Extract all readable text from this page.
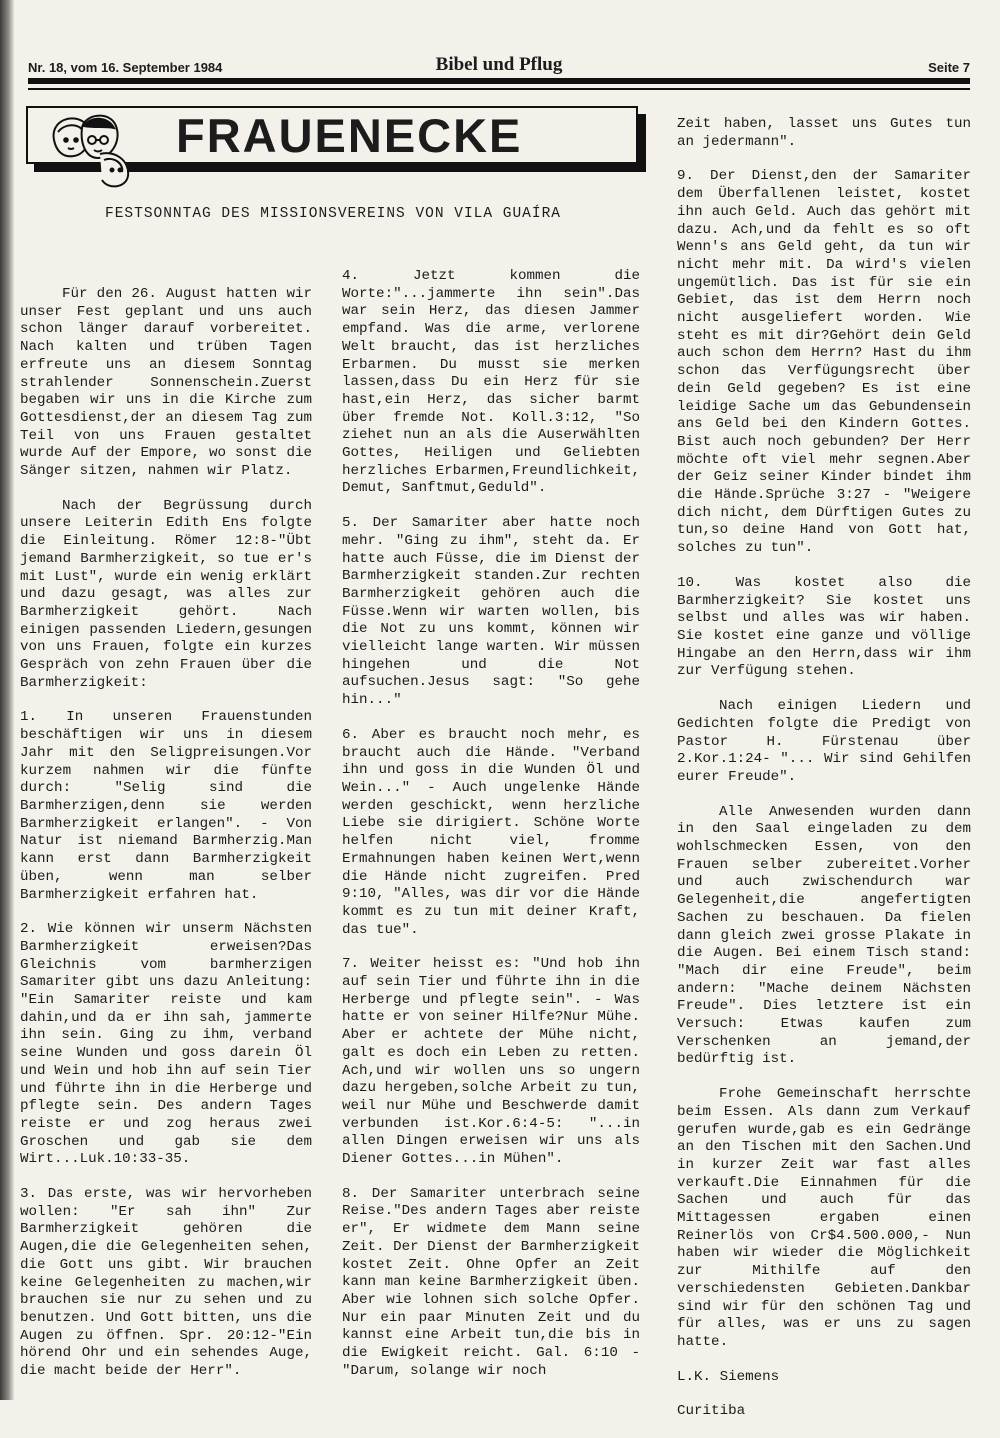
Nr. 18, vom 16. September 1984	Bibel und Pflug	Seite 7
FRAUENECKE
FESTSONNTAG DES MISSIONSVEREINS VON VILA GUAÍRA

Für den 26. August hatten wir unser Fest geplant und uns auch schon länger darauf vorbereitet. Nach kalten und trüben Tagen erfreute uns an diesem Sonntag strahlender Sonnenschein.Zuerst begaben wir uns in die Kirche zum Gottesdienst,der an diesem Tag zum Teil von uns Frauen gestaltet wurde Auf der Empore, wo sonst die Sänger sitzen, nahmen wir Platz.

Nach der Begrüssung durch unsere Leiterin Edith Ens folgte die Einleitung. Römer 12:8-"Übt jemand Barmherzigkeit, so tue er's mit Lust", wurde ein wenig erklärt und dazu gesagt, was alles zur Barmherzigkeit gehört. Nach einigen passenden Liedern,gesungen von uns Frauen, folgte ein kurzes Gespräch von zehn Frauen über die Barmherzigkeit:

1. In unseren Frauenstunden beschäftigen wir uns in diesem Jahr mit den Seligpreisungen.Vor kurzem nahmen wir die fünfte durch: "Selig sind die Barmherzigen,denn sie werden Barmherzigkeit erlangen". - Von Natur ist niemand Barmherzig.Man kann erst dann Barmherzigkeit üben, wenn man selber Barmherzigkeit erfahren hat.

2. Wie können wir unserm Nächsten Barmherzigkeit erweisen?Das Gleichnis vom barmherzigen Samariter gibt uns dazu Anleitung: "Ein Samariter reiste und kam dahin,und da er ihn sah, jammerte ihn sein. Ging zu ihm, verband seine Wunden und goss darein Öl und Wein und hob ihn auf sein Tier und führte ihn in die Herberge und pflegte sein. Des andern Tages reiste er und zog heraus zwei Groschen und gab sie dem Wirt...Luk.10:33-35.

3. Das erste, was wir hervorheben wollen: "Er sah ihn" Zur Barmherzigkeit gehören die Augen,die die Gelegenheiten sehen, die Gott uns gibt. Wir brauchen keine Gelegenheiten zu machen,wir brauchen sie nur zu sehen und zu benutzen. Und Gott bitten, uns die Augen zu öffnen. Spr. 20:12-"Ein hörend Ohr und ein sehendes Auge, die macht beide der Herr".

4. Jetzt kommen die Worte:"...jammerte ihn sein".Das war sein Herz, das diesen Jammer empfand. Was die arme, verlorene Welt braucht, das ist herzliches Erbarmen. Du musst sie merken lassen,dass Du ein Herz für sie hast,ein Herz, das sicher barmt über fremde Not. Koll.3:12, "So ziehet nun an als die Auserwählten Gottes, Heiligen und Geliebten herzliches Erbarmen,Freundlichkeit, Demut, Sanftmut,Geduld".

5. Der Samariter aber hatte noch mehr. "Ging zu ihm", steht da. Er hatte auch Füsse, die im Dienst der Barmherzigkeit standen.Zur rechten Barmherzigkeit gehören auch die Füsse.Wenn wir warten wollen, bis die Not zu uns kommt, können wir vielleicht lange warten. Wir müssen hingehen und die Not aufsuchen.Jesus sagt: "So gehe hin..."

6. Aber es braucht noch mehr, es braucht auch die Hände. "Verband ihn und goss in die Wunden Öl und Wein..." - Auch ungelenke Hände werden geschickt, wenn herzliche Liebe sie dirigiert. Schöne Worte helfen nicht viel, fromme Ermahnungen haben keinen Wert,wenn die Hände nicht zugreifen. Pred 9:10, "Alles, was dir vor die Hände kommt es zu tun mit deiner Kraft, das tue".

7. Weiter heisst es: "Und hob ihn auf sein Tier und führte ihn in die Herberge und pflegte sein". - Was hatte er von seiner Hilfe?Nur Mühe. Aber er achtete der Mühe nicht, galt es doch ein Leben zu retten. Ach,und wir wollen uns so ungern dazu hergeben,solche Arbeit zu tun, weil nur Mühe und Beschwerde damit verbunden ist.Kor.6:4-5: "...in allen Dingen erweisen wir uns als Diener Gottes...in Mühen".

8. Der Samariter unterbrach seine Reise."Des andern Tages aber reiste er", Er widmete dem Mann seine Zeit. Der Dienst der Barmherzigkeit kostet Zeit. Ohne Opfer an Zeit kann man keine Barmherzigkeit üben. Aber wie lohnen sich solche Opfer. Nur ein paar Minuten Zeit und du kannst eine Arbeit tun,die bis in die Ewigkeit reicht. Gal. 6:10 - "Darum, solange wir noch

Zeit haben, lasset uns Gutes tun an jedermann".

9. Der Dienst,den der Samariter dem Überfallenen leistet, kostet ihn auch Geld. Auch das gehört mit dazu. Ach,und da fehlt es so oft Wenn's ans Geld geht, da tun wir nicht mehr mit. Da wird's vielen ungemütlich. Das ist für sie ein Gebiet, das ist dem Herrn noch nicht ausgeliefert worden. Wie steht es mit dir?Gehört dein Geld auch schon dem Herrn? Hast du ihm schon das Verfügungsrecht über dein Geld gegeben? Es ist eine leidige Sache um das Gebundensein ans Geld bei den Kindern Gottes. Bist auch noch gebunden? Der Herr möchte oft viel mehr segnen.Aber der Geiz seiner Kinder bindet ihm die Hände.Sprüche 3:27 - "Weigere dich nicht, dem Dürftigen Gutes zu tun,so deine Hand von Gott hat, solches zu tun".

10. Was kostet also die Barmherzigkeit? Sie kostet uns selbst und alles was wir haben. Sie kostet eine ganze und völlige Hingabe an den Herrn,dass wir ihm zur Verfügung stehen.

Nach einigen Liedern und Gedichten folgte die Predigt von Pastor H. Fürstenau über 2.Kor.1:24- "... Wir sind Gehilfen eurer Freude".

Alle Anwesenden wurden dann in den Saal eingeladen zu dem wohlschmecken Essen, von den Frauen selber zubereitet.Vorher und auch zwischendurch war Gelegenheit,die angefertigten Sachen zu beschauen. Da fielen dann gleich zwei grosse Plakate in die Augen. Bei einem Tisch stand: "Mach dir eine Freude", beim andern: "Mache deinem Nächsten Freude". Dies letztere ist ein Versuch: Etwas kaufen zum Verschenken an jemand,der bedürftig ist.

Frohe Gemeinschaft herrschte beim Essen. Als dann zum Verkauf gerufen wurde,gab es ein Gedränge an den Tischen mit den Sachen.Und in kurzer Zeit war fast alles verkauft.Die Einnahmen für die Sachen und auch für das Mittagessen ergaben einen Reinerlös von Cr$4.500.000,- Nun haben wir wieder die Möglichkeit zur Mithilfe auf den verschiedensten Gebieten.Dankbar sind wir für den schönen Tag und für alles, was er uns zu sagen hatte.

L.K. Siemens

Curitiba
